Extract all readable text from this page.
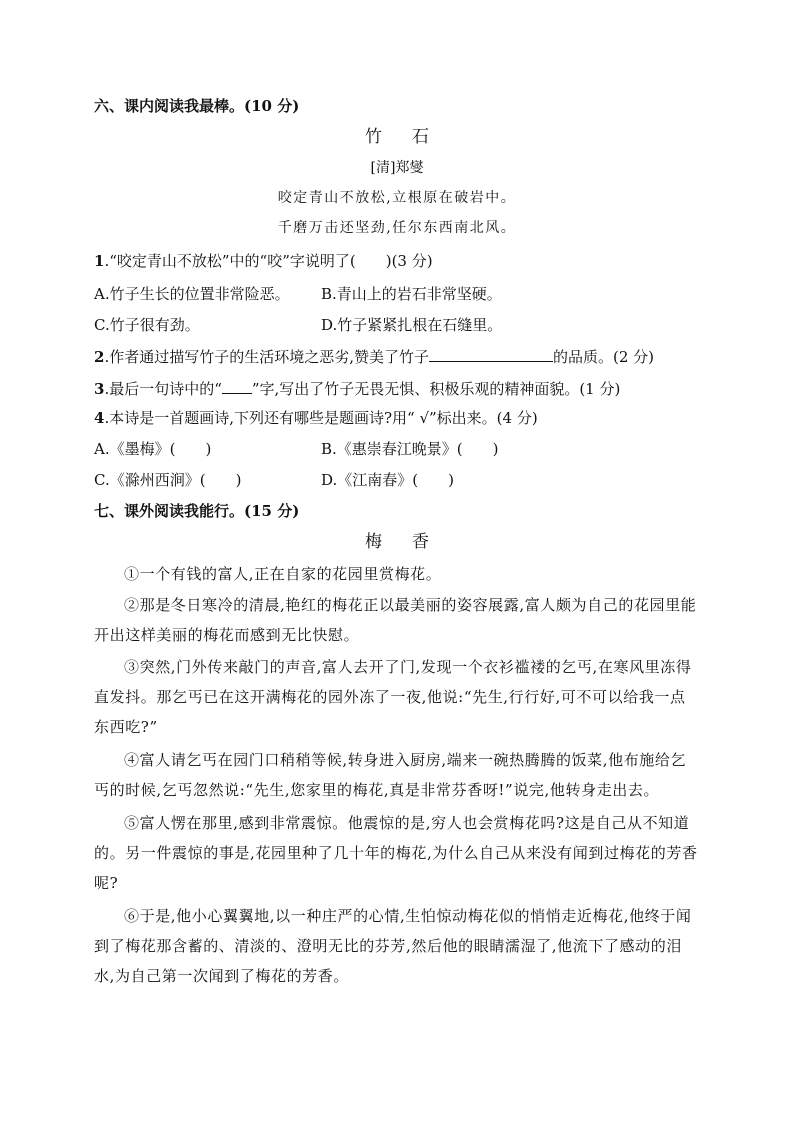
六、课内阅读我最棒。(10 分)
竹 石
[清]郑燮
咬定青山不放松,立根原在破岩中。
千磨万击还坚劲,任尔东西南北风。
1.“咬定青山不放松”中的“咬”字说明了(　　)(3 分)
A.竹子生长的位置非常险恶。 B.青山上的岩石非常坚硬。
C.竹子很有劲。	D.竹子紧紧扎根在石缝里。
2.作者通过描写竹子的生活环境之恶劣,赞美了竹子	的品质。(2 分)
3.最后一句诗中的“ ”字,写出了竹子无畏无惧、积极乐观的精神面貌。(1 分)
4.本诗是一首题画诗,下列还有哪些是题画诗?用“ √”标出来。(4 分)
A.《墨梅》(　　)	B.《惠崇春江晚景》(　　)
C.《滁州西涧》(　　)	D.《江南春》(　　)
七、课外阅读我能行。(15 分)
梅 香
①一个有钱的富人,正在自家的花园里赏梅花。
②那是冬日寒冷的清晨,艳红的梅花正以最美丽的姿容展露,富人颇为自己的花园里能开出这样美丽的梅花而感到无比快慰。
③突然,门外传来敲门的声音,富人去开了门,发现一个衣衫褴褛的乞丐,在寒风里冻得直发抖。那乞丐已在这开满梅花的园外冻了一夜,他说:“先生,行行好,可不可以给我一点东西吃?”
④富人请乞丐在园门口稍稍等候,转身进入厨房,端来一碗热腾腾的饭菜,他布施给乞丐的时候,乞丐忽然说:“先生,您家里的梅花,真是非常芬香呀!”说完,他转身走出去。
⑤富人愣在那里,感到非常震惊。他震惊的是,穷人也会赏梅花吗?这是自己从不知道的。另一件震惊的事是,花园里种了几十年的梅花,为什么自己从来没有闻到过梅花的芳香呢?
⑥于是,他小心翼翼地,以一种庄严的心情,生怕惊动梅花似的悄悄走近梅花,他终于闻到了梅花那含蓄的、清淡的、澄明无比的芬芳,然后他的眼睛濡湿了,他流下了感动的泪水,为自己第一次闻到了梅花的芳香。
